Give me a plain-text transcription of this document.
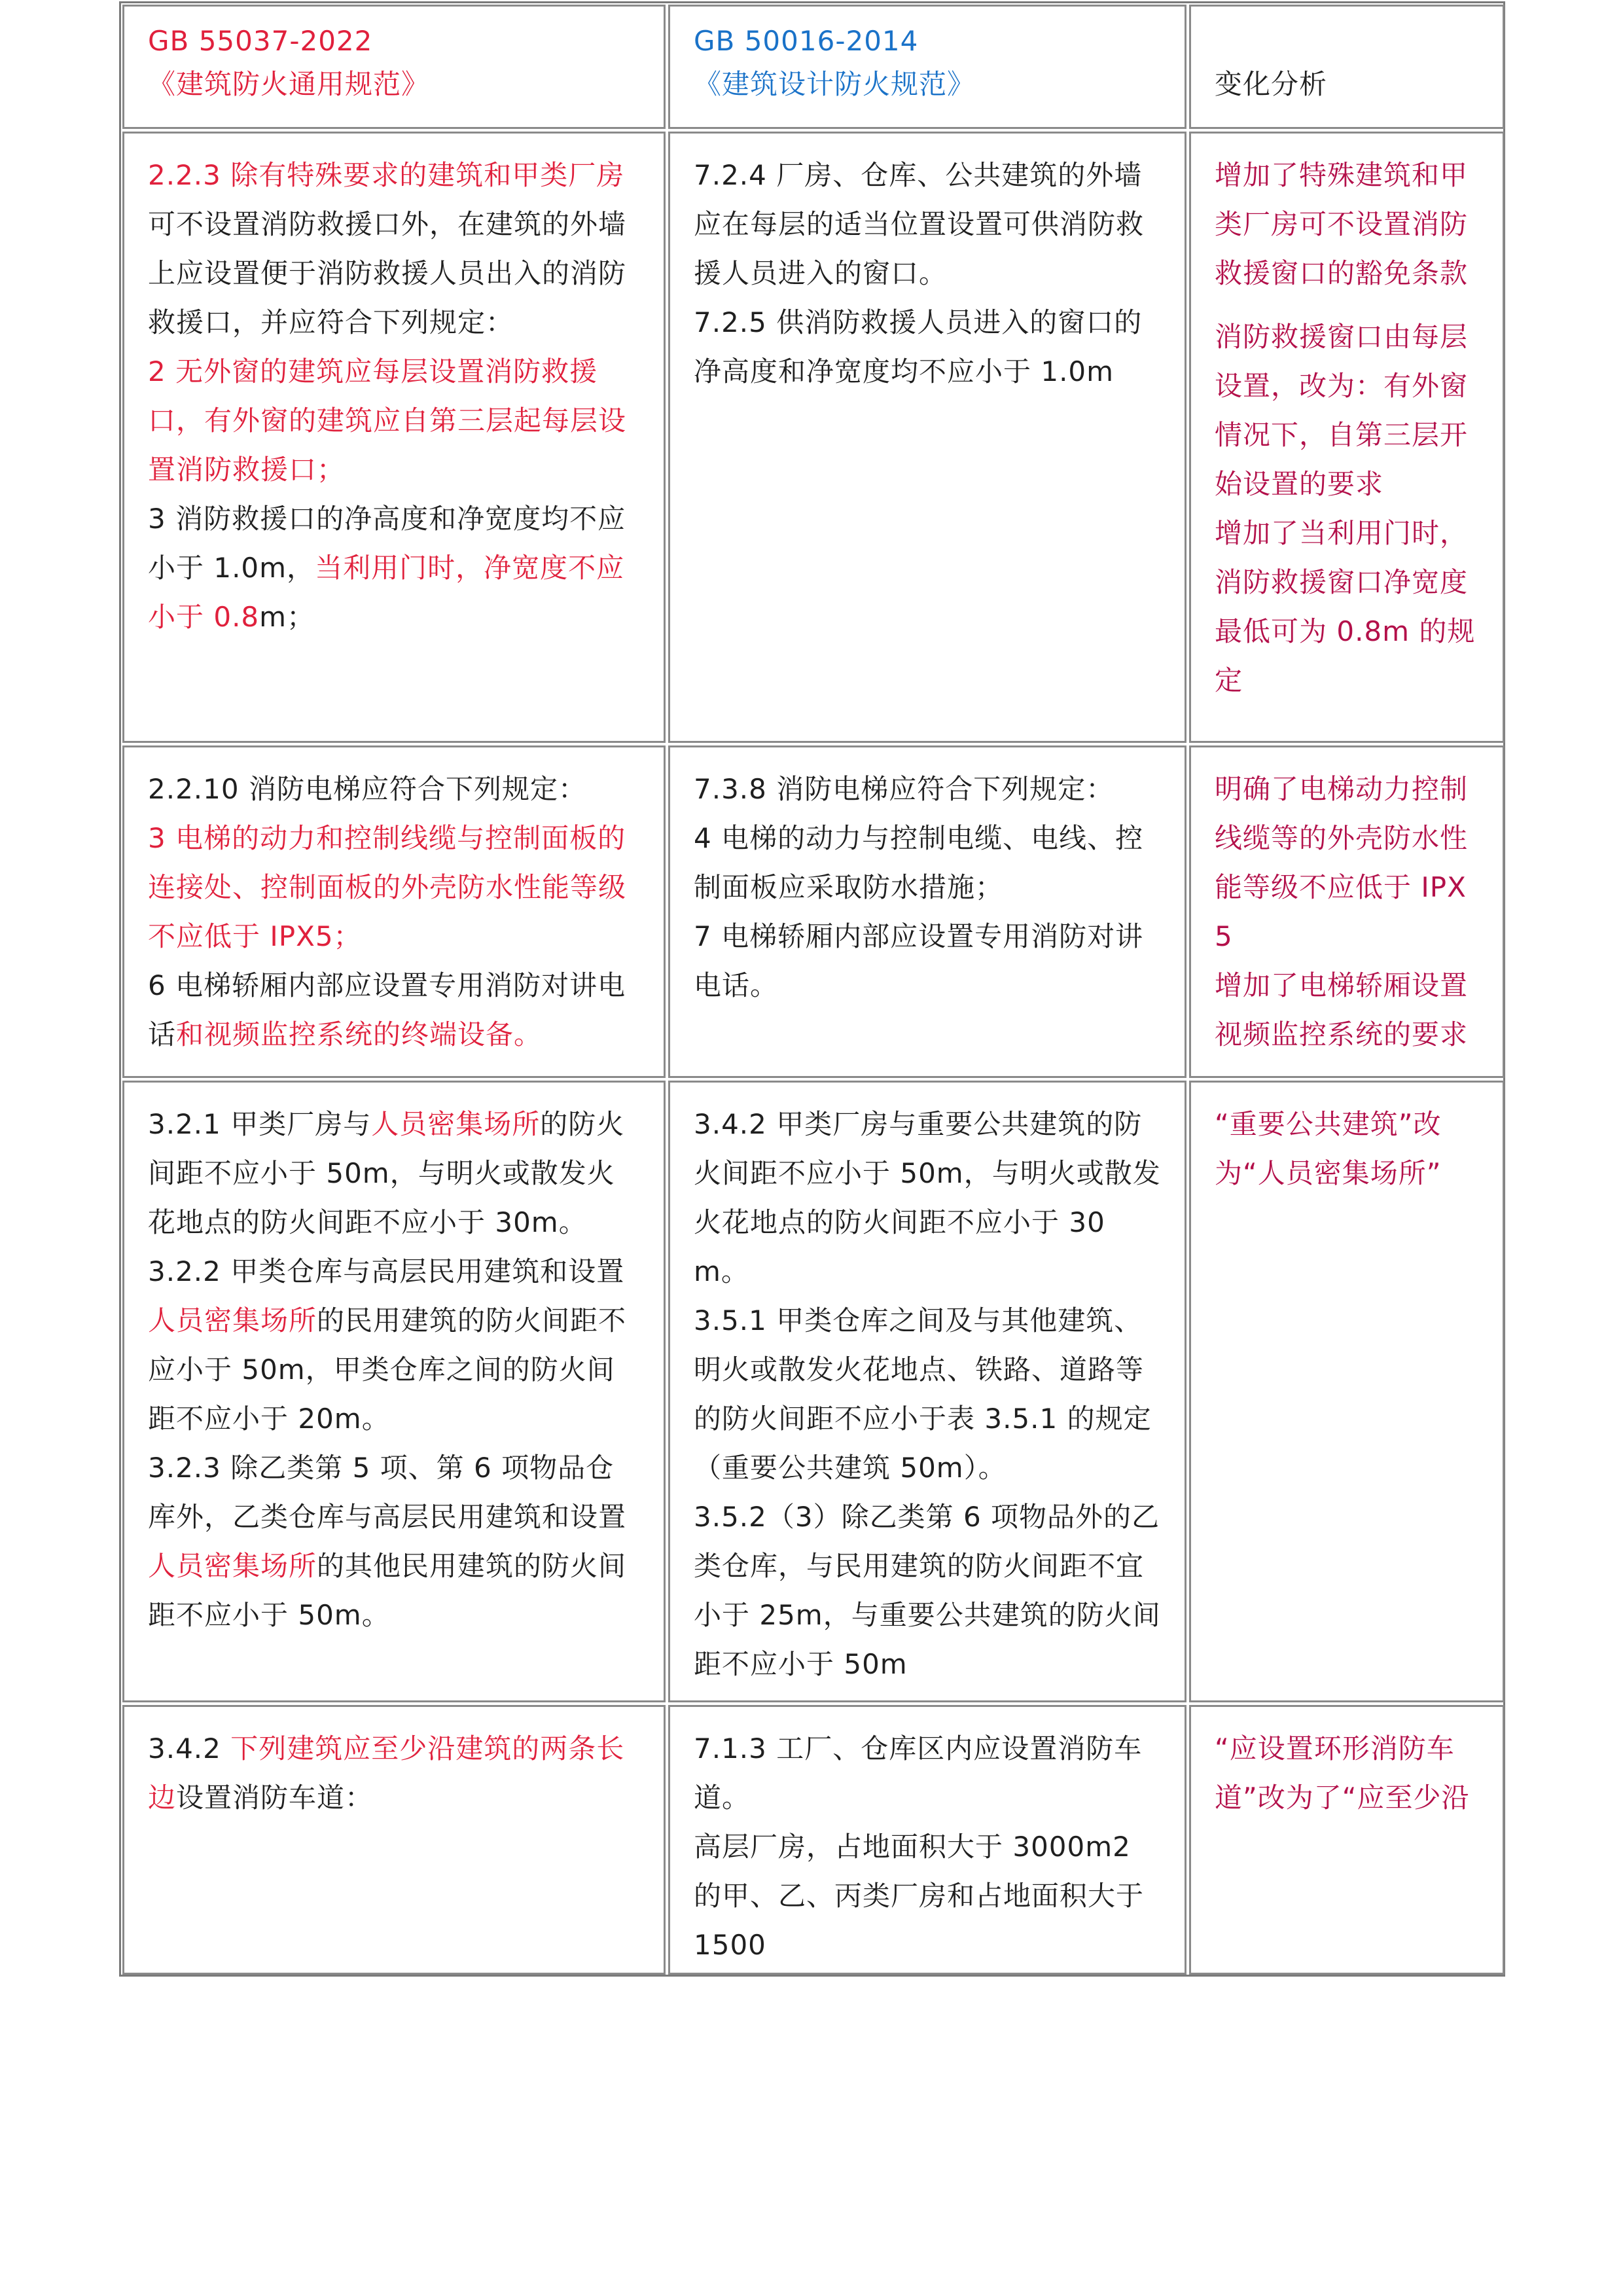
GB 55037-2022
《建筑防火通用规范》
GB 50016-2014
《建筑设计防火规范》	变化分析
2.2.3 除有特殊要求的建筑和甲类厂房可不设置消防救援口外，在建筑的外墙上应设置便于消防救援人员出入的消防救援口，并应符合下列规定：
2 无外窗的建筑应每层设置消防救援口，有外窗的建筑应自第三层起每层设置消防救援口；
3 消防救援口的净高度和净宽度均不应小于 1.0m，当利用门时，净宽度不应小于 0.8m；
7.2.4 厂房、仓库、公共建筑的外墙应在每层的适当位置设置可供消防救援人员进入的窗口。
7.2.5 供消防救援人员进入的窗口的净高度和净宽度均不应小于 1.0m
增加了特殊建筑和甲类厂房可不设置消防救援窗口的豁免条款
消防救援窗口由每层设置，改为：有外窗情况下，自第三层开始设置的要求
增加了当利用门时，消防救援窗口净宽度最低可为 0.8m 的规定
2.2.10 消防电梯应符合下列规定：
3 电梯的动力和控制线缆与控制面板的连接处、控制面板的外壳防水性能等级不应低于 IPX5；
6 电梯轿厢内部应设置专用消防对讲电话和视频监控系统的终端设备。
7.3.8 消防电梯应符合下列规定：
4 电梯的动力与控制电缆、电线、控制面板应采取防水措施；
7 电梯轿厢内部应设置专用消防对讲电话。
明确了电梯动力控制线缆等的外壳防水性能等级不应低于 IPX 5
增加了电梯轿厢设置视频监控系统的要求
3.2.1 甲类厂房与人员密集场所的防火间距不应小于 50m，与明火或散发火花地点的防火间距不应小于 30m。
3.2.2 甲类仓库与高层民用建筑和设置人员密集场所的民用建筑的防火间距不应小于 50m，甲类仓库之间的防火间距不应小于 20m。
3.2.3 除乙类第 5 项、第 6 项物品仓库外，乙类仓库与高层民用建筑和设置人员密集场所的其他民用建筑的防火间距不应小于 50m。
3.4.2 甲类厂房与重要公共建筑的防火间距不应小于 50m，与明火或散发火花地点的防火间距不应小于 30 m。
3.5.1 甲类仓库之间及与其他建筑、明火或散发火花地点、铁路、道路等的防火间距不应小于表 3.5.1 的规定（重要公共建筑 50m）。
3.5.2（3）除乙类第 6 项物品外的乙类仓库，与民用建筑的防火间距不宜小于 25m，与重要公共建筑的防火间距不应小于 50m
“重要公共建筑”改为“人员密集场所”
3.4.2 下列建筑应至少沿建筑的两条长边设置消防车道：
7.1.3 工厂、仓库区内应设置消防车道。
高层厂房，占地面积大于 3000m2 的甲、乙、丙类厂房和占地面积大于 1500
“应设置环形消防车道”改为了“应至少沿
